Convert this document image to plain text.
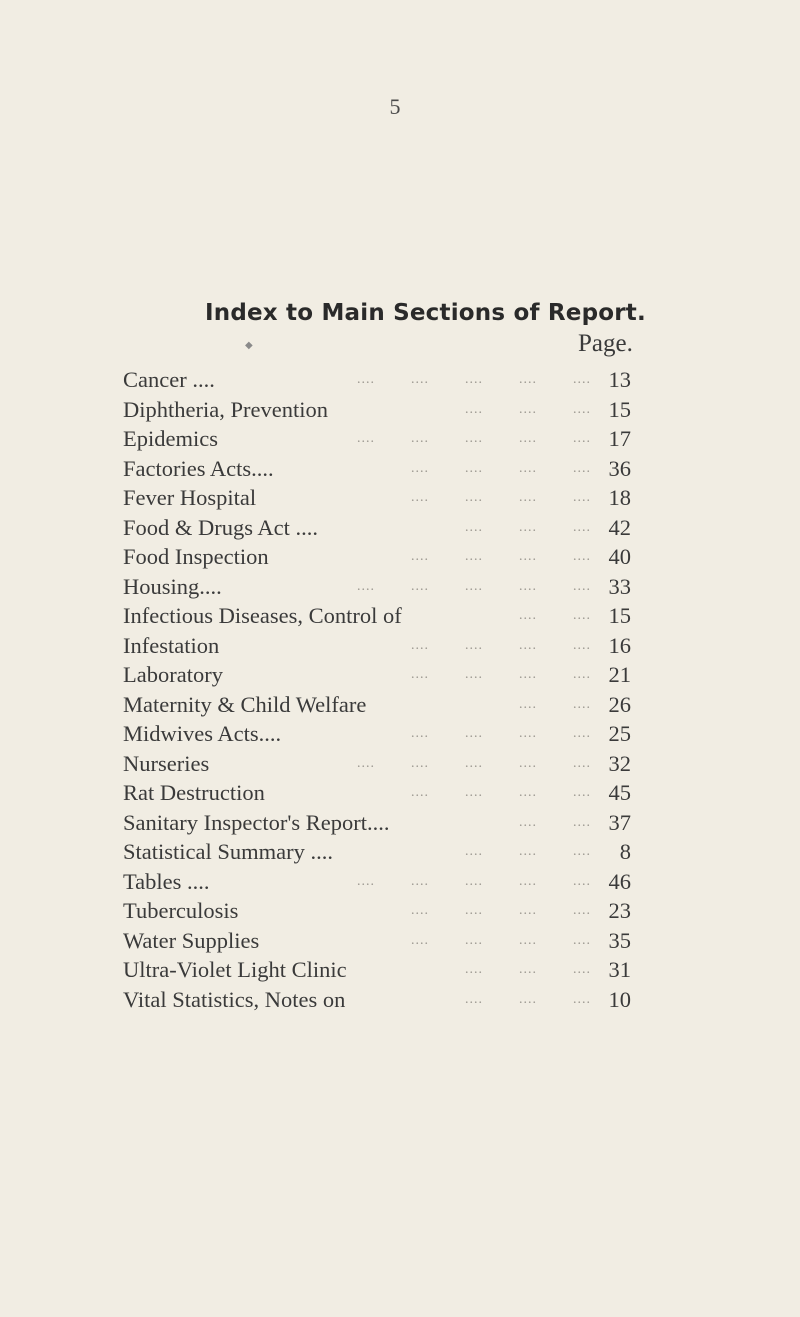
5
Index to Main Sections of Report.
Page.
Cancer ....	....        ....        ....        ....        .... 13
Diphtheria, Prevention	....        ....        .... 15
Epidemics	....        ....        ....        ....        .... 17
Factories Acts....	....        ....        ....        .... 36
Fever Hospital	....        ....        ....        .... 18
Food & Drugs Act ....	....        ....        .... 42
Food Inspection	....        ....        ....        .... 40
Housing....	....        ....        ....        ....        .... 33
Infectious Diseases, Control of	....        .... 15
Infestation	....        ....        ....        .... 16
Laboratory	....        ....        ....        .... 21
Maternity & Child Welfare	....        .... 26
Midwives Acts....	....        ....        ....        .... 25
Nurseries	....        ....        ....        ....        .... 32
Rat Destruction	....        ....        ....        .... 45
Sanitary Inspector's Report....	....        .... 37
Statistical Summary ....	....        ....        .... 8
Tables ....	....        ....        ....        ....        .... 46
Tuberculosis	....        ....        ....        .... 23
Water Supplies	....        ....        ....        .... 35
Ultra-Violet Light Clinic	....        ....        .... 31
Vital Statistics, Notes on	....        ....        .... 10
◆
